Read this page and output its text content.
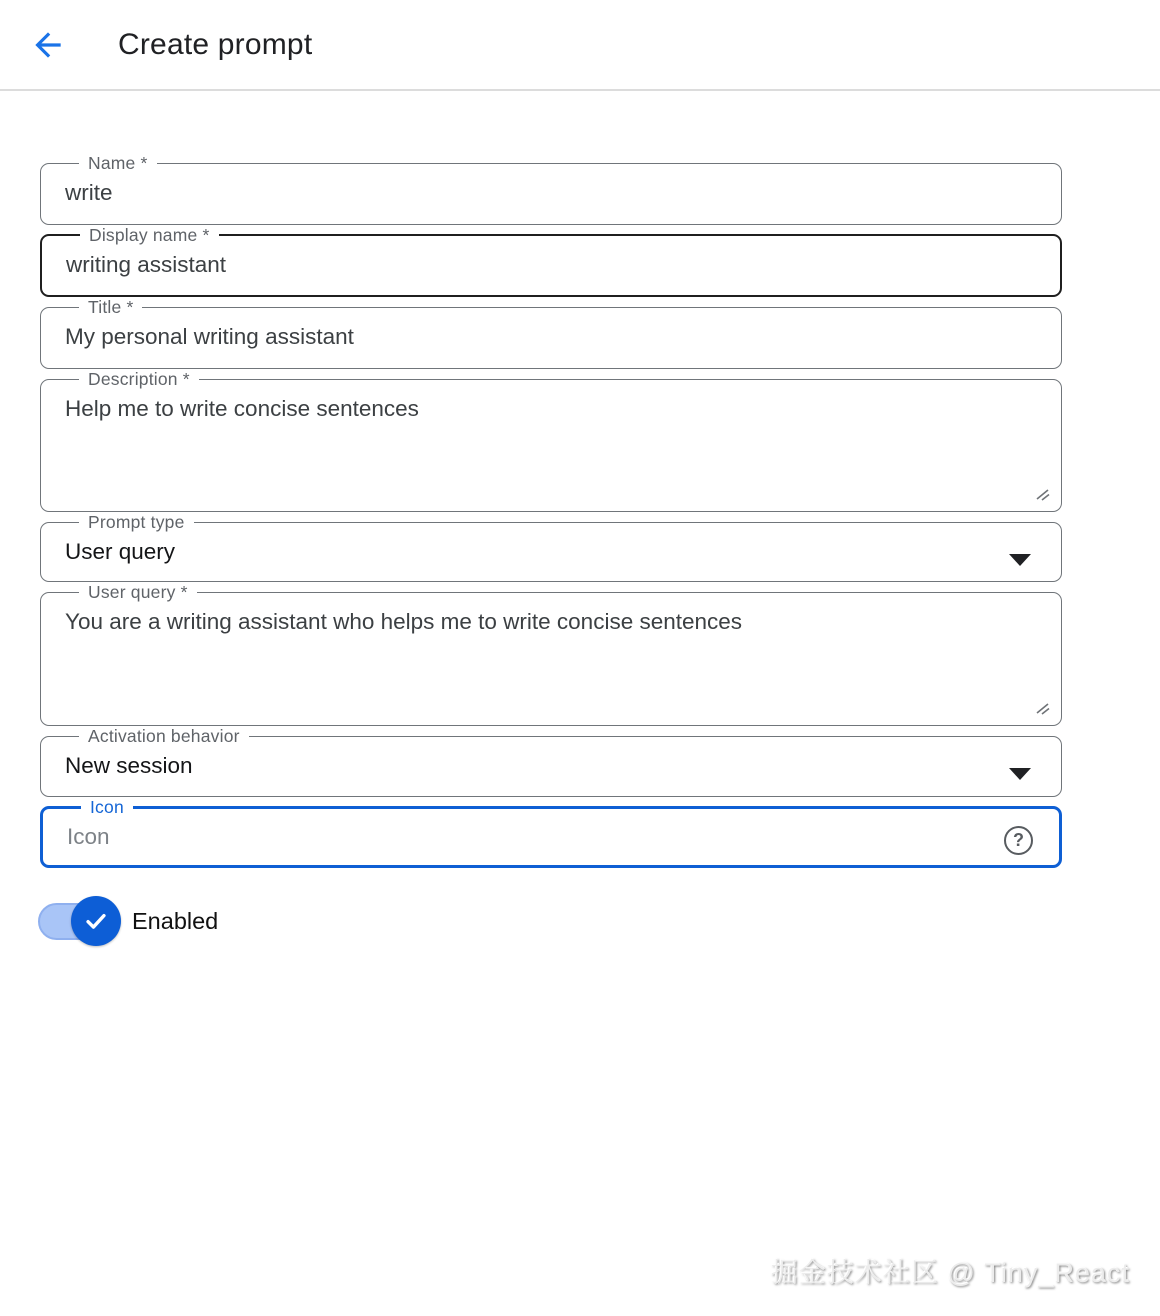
Create prompt
Name *
write
Display name *
writing assistant
Title *
My personal writing assistant
Description *
Help me to write concise sentences
Prompt type
User query
User query *
You are a writing assistant who helps me to write concise sentences
Activation behavior
New session
Icon
Icon	?
Enabled
掘金技术社区 @ Tiny_React
